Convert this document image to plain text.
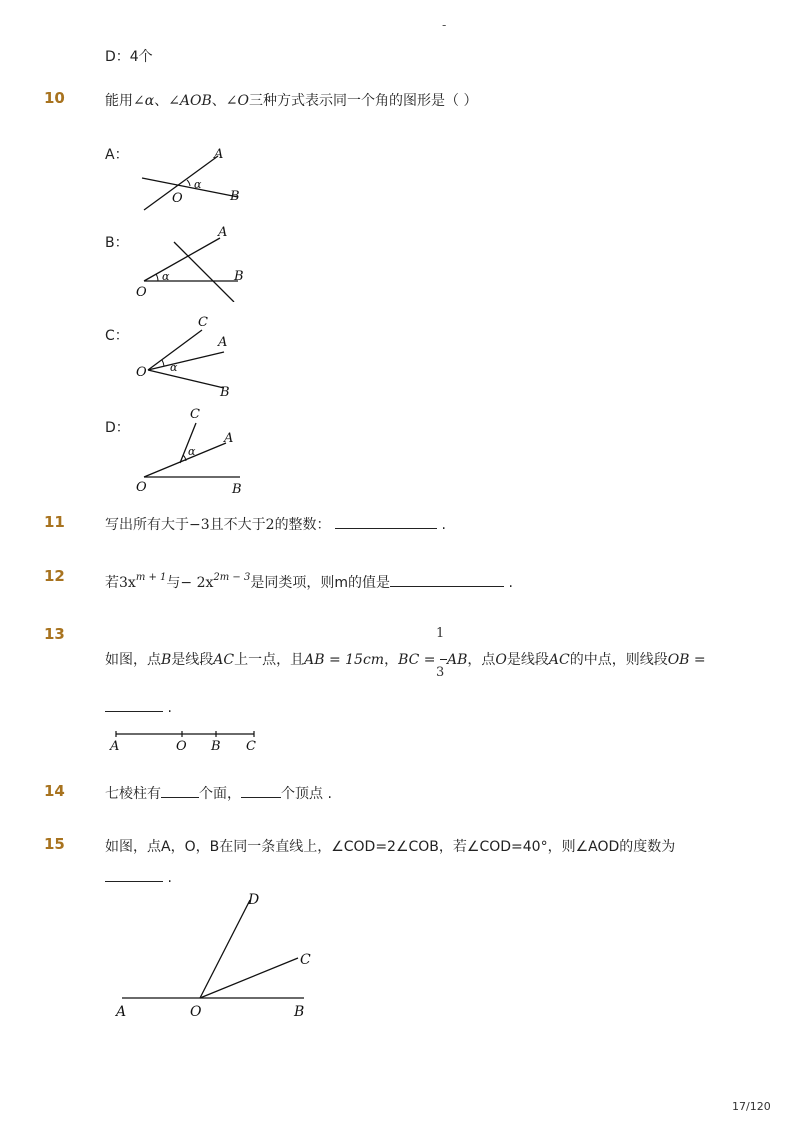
-
D：4个
10	能用∠α、∠AOB、∠O三种方式表示同一个角的图形是（ ）
A：	A
B
O
α
B：
A
B
O
α
C：
C
A
O
B
α
D：
C
A
O	B
α
11	写出所有大于−3且不大于2的整数：	.
12	若$3x^{m + 1}$与− $2x^{2m - 3}$是同类项，则m的值是	.
13	1
如图，点B是线段AC上一点，且AB = 15cm，BC = AB，点O是线段AC的中点，则线段OB =
3
.
A	O B C
14	七棱柱有	个面，	个顶点 .
15	如图，点A，O，B在同一条直线上，∠COD=2∠COB，若∠COD=40°，则∠AOD的度数为
.
D
C
A	O	B
17/120
